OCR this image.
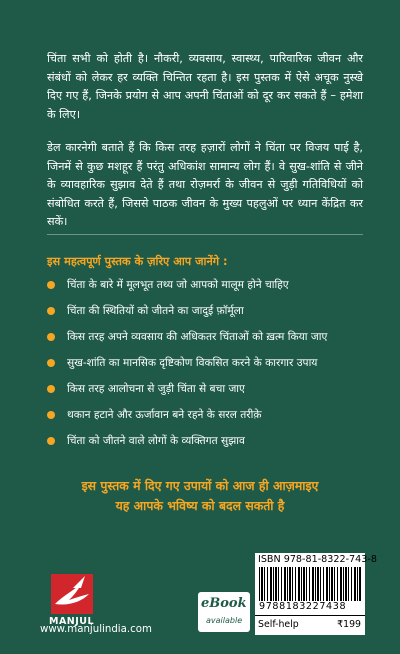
चिंता सभी को होती है। नौकरी, व्यवसाय, स्वास्थ्य, पारिवारिक जीवन और संबंधों को लेकर हर व्यक्ति चिन्तित रहता है। इस पुस्तक में ऐसे अचूक नुस्खे दिए गए हैं, जिनके प्रयोग से आप अपनी चिंताओं को दूर कर सकते हैं – हमेशा के लिए।

डेल कारनेगी बताते हैं कि किस तरह हज़ारों लोगों ने चिंता पर विजय पाई है, जिनमें से कुछ मशहूर हैं परंतु अधिकांश सामान्य लोग हैं। वे सुख-शांति से जीने के व्यावहारिक सुझाव देते हैं तथा रोज़मर्रा के जीवन से जुड़ी गतिविधियों को संबोधित करते हैं, जिससे पाठक जीवन के मुख्य पहलुओं पर ध्यान केंद्रित कर सकें।

इस महत्वपूर्ण पुस्तक के ज़रिए आप जानेंगे :

चिंता के बारे में मूलभूत तथ्य जो आपको मालूम होने चाहिए
चिंता की स्थितियों को जीतने का जादुई फ़ॉर्मूला
किस तरह अपने व्यवसाय की अधिकतर चिंताओं को ख़त्म किया जाए
सुख-शांति का मानसिक दृष्टिकोण विकसित करने के कारगार उपाय
किस तरह आलोचना से जुड़ी चिंता से बचा जाए
थकान हटाने और ऊर्जावान बने रहने के सरल तरीक़े
चिंता को जीतने वाले लोगों के व्यक्तिगत सुझाव

इस पुस्तक में दिए गए उपायों को आज ही आज़माइए

यह आपके भविष्य को बदल सकती है

MANJUL
www.manjulindia.com
eBook
available
ISBN 978-81-8322-743-8
9788183227438
Self-help	₹199
